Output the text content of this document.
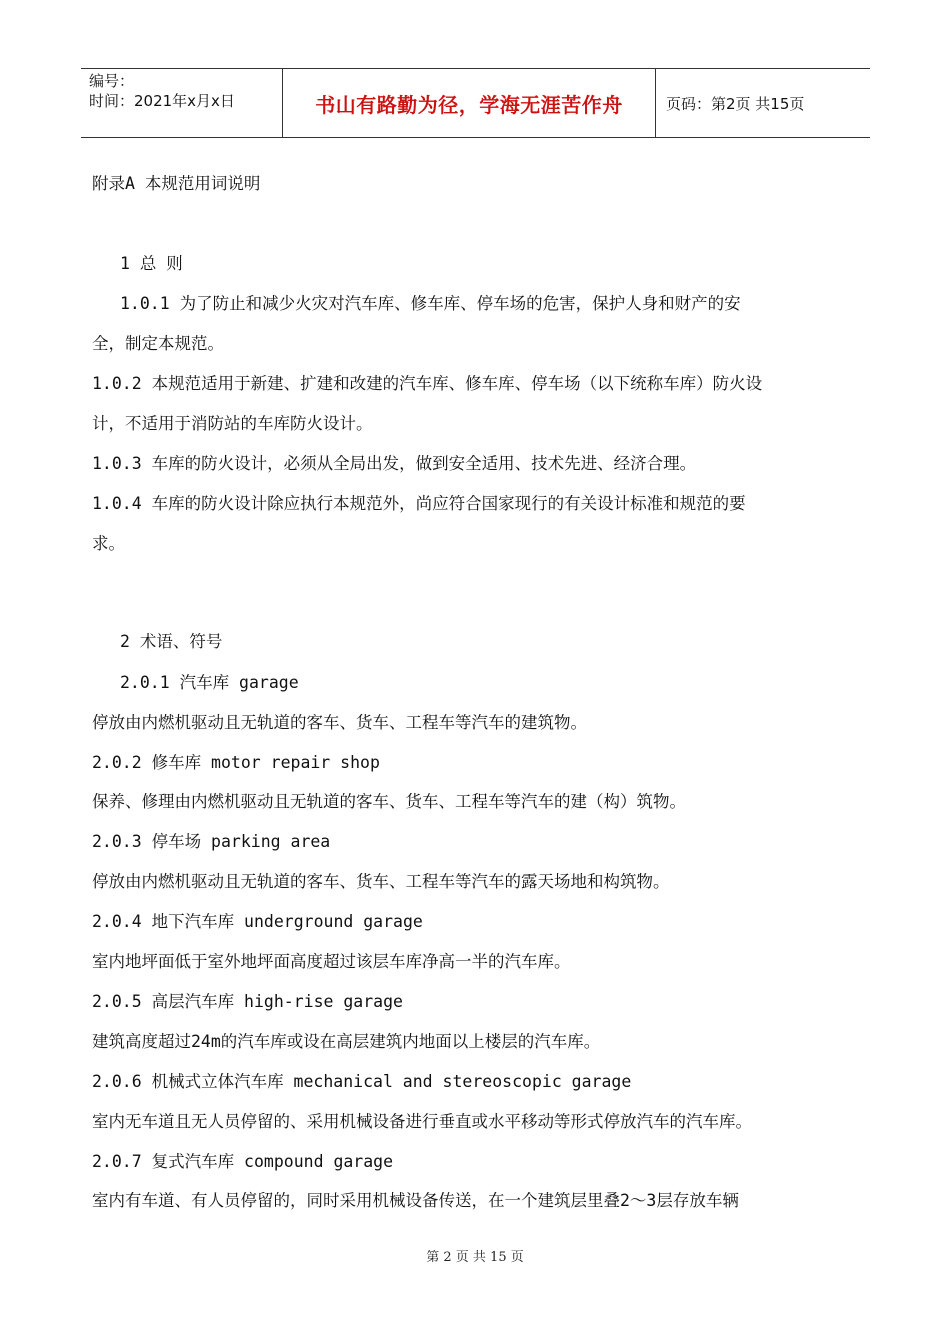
编号：
时间：2021年x月x日	书山有路勤为径，学海无涯苦作舟	页码：第2页 共15页
附录A 本规范用词说明
1 总 则
1.0.1 为了防止和减少火灾对汽车库、修车库、停车场的危害，保护人身和财产的安
全，制定本规范。
1.0.2 本规范适用于新建、扩建和改建的汽车库、修车库、停车场（以下统称车库）防火设
计，不适用于消防站的车库防火设计。
1.0.3 车库的防火设计，必须从全局出发，做到安全适用、技术先进、经济合理。
1.0.4 车库的防火设计除应执行本规范外，尚应符合国家现行的有关设计标准和规范的要
求。
2 术语、符号
2.0.1 汽车库 garage
停放由内燃机驱动且无轨道的客车、货车、工程车等汽车的建筑物。
2.0.2 修车库 motor repair shop
保养、修理由内燃机驱动且无轨道的客车、货车、工程车等汽车的建（构）筑物。
2.0.3 停车场 parking area
停放由内燃机驱动且无轨道的客车、货车、工程车等汽车的露天场地和构筑物。
2.0.4 地下汽车库 underground garage
室内地坪面低于室外地坪面高度超过该层车库净高一半的汽车库。
2.0.5 高层汽车库 high-rise garage
建筑高度超过24m的汽车库或设在高层建筑内地面以上楼层的汽车库。
2.0.6 机械式立体汽车库 mechanical and stereoscopic garage
室内无车道且无人员停留的、采用机械设备进行垂直或水平移动等形式停放汽车的汽车库。
2.0.7 复式汽车库 compound garage
室内有车道、有人员停留的，同时采用机械设备传送，在一个建筑层里叠2～3层存放车辆
第 2 页 共 15 页
